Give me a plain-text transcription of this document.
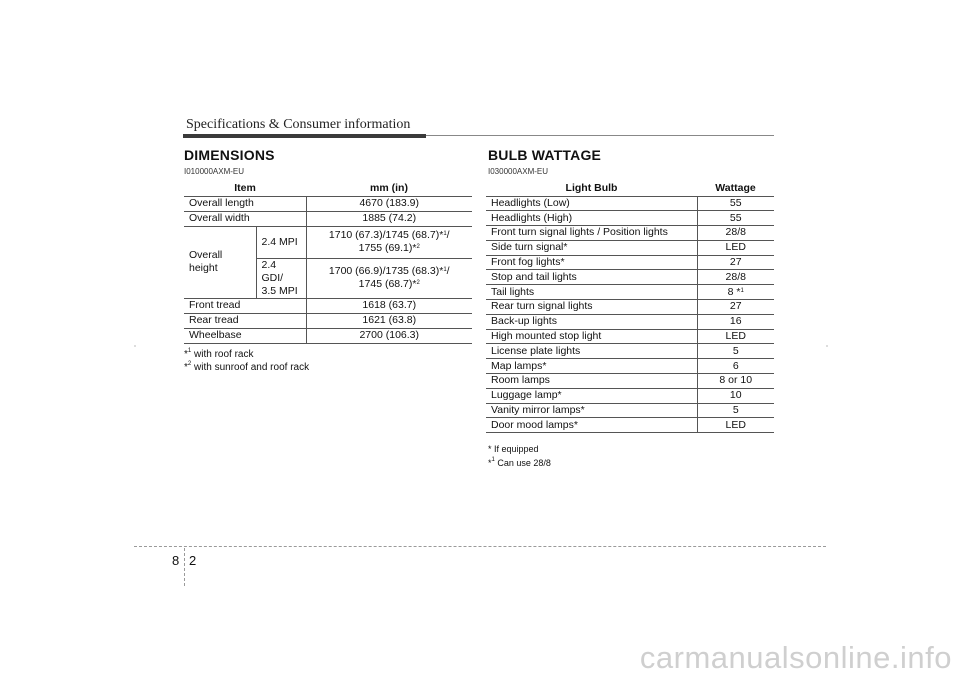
Specifications & Consumer information
DIMENSIONS
I010000AXM-EU
Item		mm (in)
Overall length		4670 (183.9)
Overall width		1885 (74.2)
Overall height	2.4 MPI	1710 (67.3)/1745 (68.7)*$^1$/
1755 (69.1)*$^2$
	2.4 GDI/
3.5 MPI	1700 (66.9)/1735 (68.3)*$^1$/
1745 (68.7)*$^2$
Front tread		1618 (63.7)
Rear tread		1621 (63.8)
Wheelbase		2700 (106.3)
*$^1$ with roof rack
*$^2$ with sunroof and roof rack
BULB WATTAGE
I030000AXM-EU
Light Bulb	Wattage
Headlights (Low)	55
Headlights (High)	55
Front turn signal lights / Position lights	28/8
Side turn signal*	LED
Front fog lights*	27
Stop and tail lights	28/8
Tail lights	8 *$^1$
Rear turn signal lights	27
Back-up lights	16
High mounted stop light	LED
License plate lights	5
Map lamps*	6
Room lamps	8 or 10
Luggage lamp*	10
Vanity mirror lamps*	5
Door mood lamps*	LED
* If equipped
*$^1$ Can use 28/8
8 2
carmanualsonline.info
